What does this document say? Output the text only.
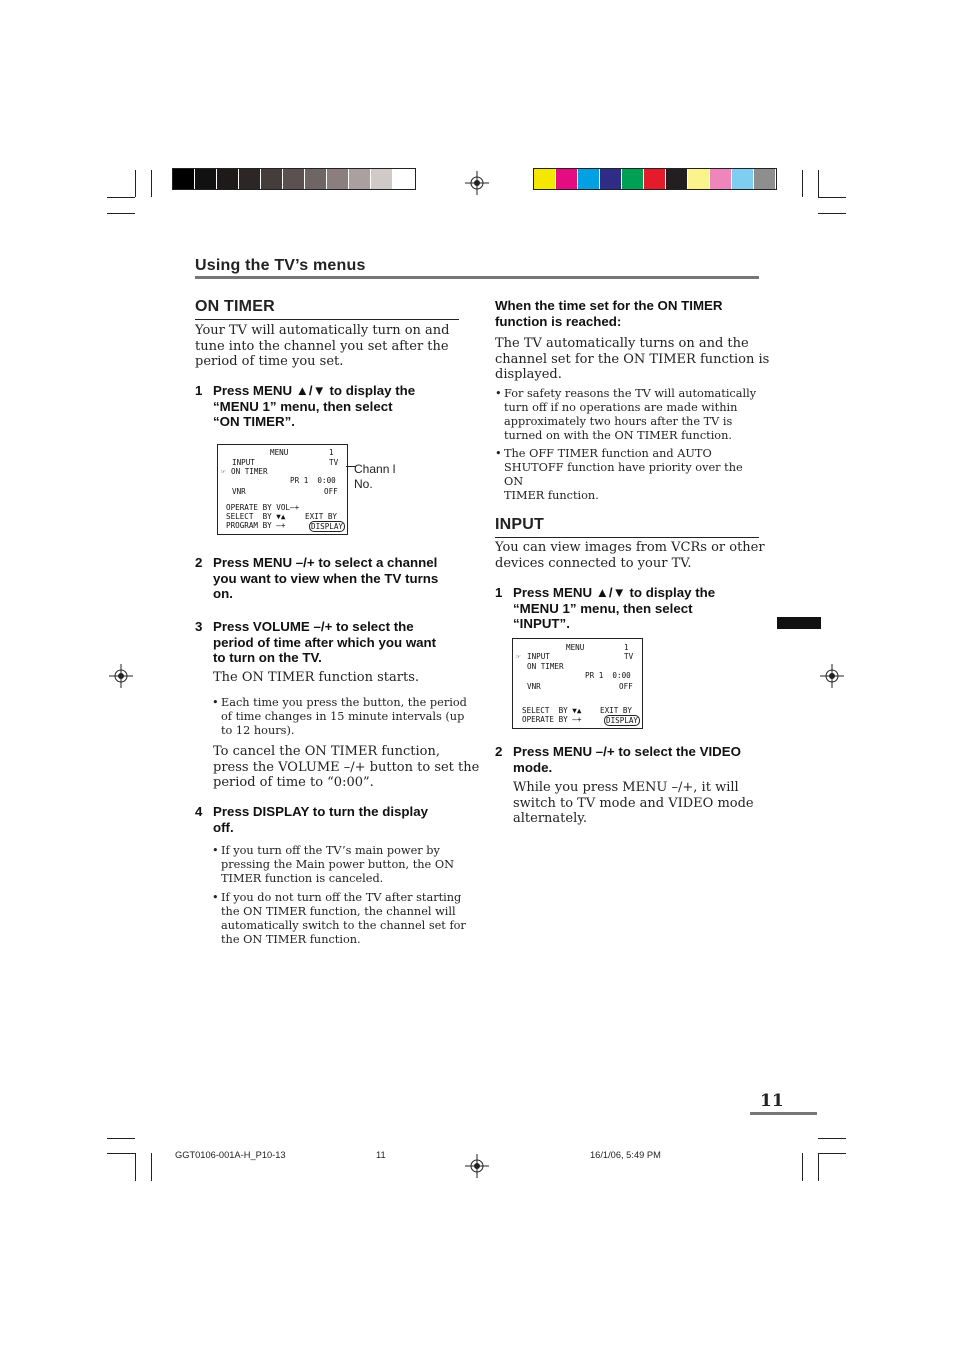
Using the TV’s menus
ON TIMER
Your TV will automatically turn on and
tune into the channel you set after the
period of time you set.
1 Press MENU ▲/▼ to display the
“MENU 1” menu, then select
“ON TIMER”.
MENU	1
INPUT	TV
☞ ON TIMER
PR 1  0:00
VNR	OFF
OPERATE BY VOL–+
SELECT  BY ▼▲	EXIT BY
PROGRAM BY –+	DISPLAY
Chann l
No.
2 Press MENU –/+ to select a channel
you want to view when the TV turns
on.
3 Press VOLUME –/+ to select the
period of time after which you want
to turn on the TV.
The ON TIMER function starts.
• Each time you press the button, the period
of time changes in 15 minute intervals (up
to 12 hours).
To cancel the ON TIMER function,
press the VOLUME –/+ button to set the
period of time to “0:00”.
4 Press DISPLAY to turn the display
off.
• If you turn off the TV’s main power by
pressing the Main power button, the ON
TIMER function is canceled.
• If you do not turn off the TV after starting
the ON TIMER function, the channel will
automatically switch to the channel set for
the ON TIMER function.
When the time set for the ON TIMER
function is reached:
The TV automatically turns on and the
channel set for the ON TIMER function is
displayed.
• For safety reasons the TV will automatically
turn off if no operations are made within
approximately two hours after the TV is
turned on with the ON TIMER function.
• The OFF TIMER function and AUTO
SHUTOFF function have priority over the ON
TIMER function.
INPUT
You can view images from VCRs or other
devices connected to your TV.
1 Press MENU ▲/▼ to display the
“MENU 1” menu, then select
“INPUT”.
MENU	1
☞ INPUT	TV
ON TIMER
PR 1  0:00
VNR	OFF
SELECT  BY ▼▲ EXIT BY
OPERATE BY –+	DISPLAY
2 Press MENU –/+ to select the VIDEO
mode.
While you press MENU –/+, it will
switch to TV mode and VIDEO mode
alternately.
11
GGT0106-001A-H_P10-13	11	16/1/06, 5:49 PM
